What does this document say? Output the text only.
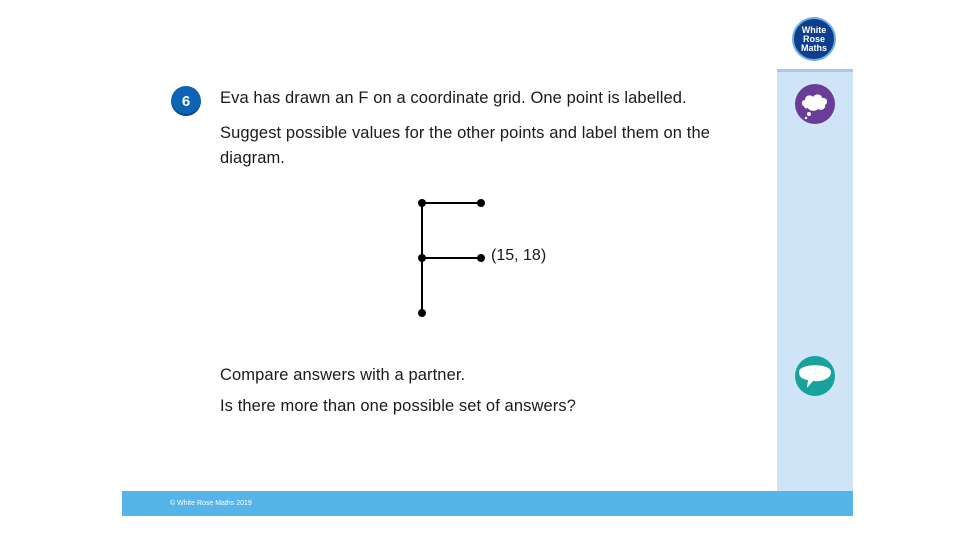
White
Rose
Maths
6	Eva has drawn an F on a coordinate grid. One point is labelled.
Suggest possible values for the other points and label them on the diagram.
(15, 18)
Compare answers with a partner.
Is there more than one possible set of answers?
© White Rose Maths 2019
